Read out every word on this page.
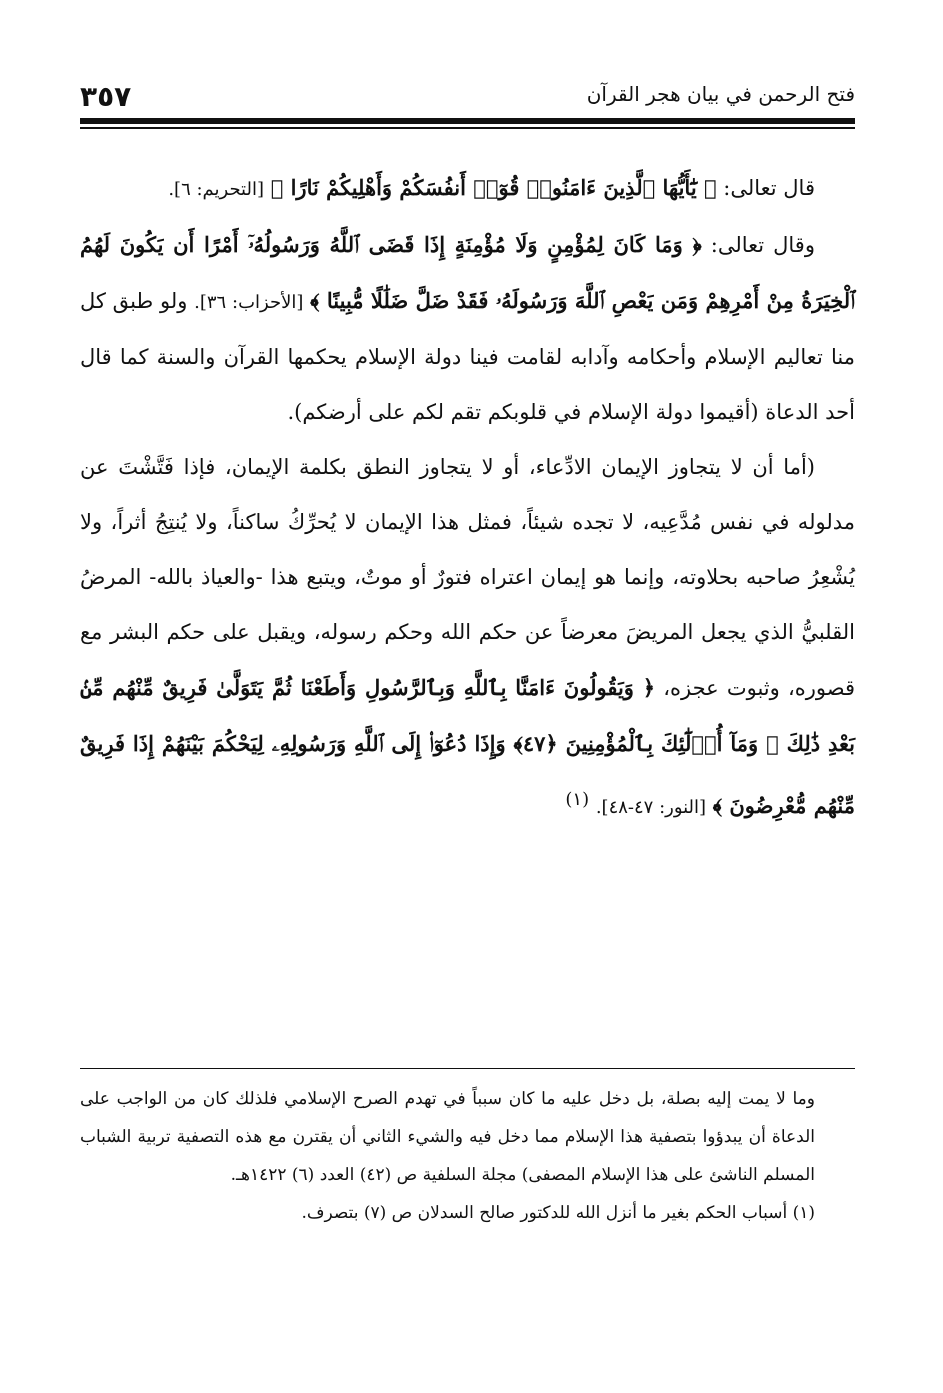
٣٥٧	فتح الرحمن في بيان هجر القرآن

قال تعالى: ﴿ يَٰٓأَيُّهَا ٱلَّذِينَ ءَامَنُوا۟ قُوٓا۟ أَنفُسَكُمْ وَأَهْلِيكُمْ نَارًا ﴾ [التحريم: ٦].

وقال تعالى: ﴿ وَمَا كَانَ لِمُؤْمِنٍ وَلَا مُؤْمِنَةٍ إِذَا قَضَى ٱللَّهُ وَرَسُولُهُۥٓ أَمْرًا أَن يَكُونَ لَهُمُ ٱلْخِيَرَةُ مِنْ أَمْرِهِمْ وَمَن يَعْصِ ٱللَّهَ وَرَسُولَهُۥ فَقَدْ ضَلَّ ضَلَٰلًا مُّبِينًا ﴾ [الأحزاب: ٣٦]. ولو طبق كل منا تعاليم الإسلام وأحكامه وآدابه لقامت فينا دولة الإسلام يحكمها القرآن والسنة كما قال أحد الدعاة (أقيموا دولة الإسلام في قلوبكم تقم لكم على أرضكم).

(أما أن لا يتجاوز الإيمان الادِّعاء، أو لا يتجاوز النطق بكلمة الإيمان، فإذا فَتَّشْتَ عن مدلوله في نفس مُدَّعِيه، لا تجده شيئاً، فمثل هذا الإيمان لا يُحرِّكُ ساكناً، ولا يُنتِجُ أثراً، ولا يُشْعِرُ صاحبه بحلاوته، وإنما هو إيمان اعتراه فتورٌ أو موتٌ، ويتبع هذا -والعياذ بالله- المرضُ القلبيُّ الذي يجعل المريضَ معرضاً عن حكم الله وحكم رسوله، ويقبل على حكم البشر مع قصوره، وثبوت عجزه، ﴿ وَيَقُولُونَ ءَامَنَّا بِٱللَّهِ وَبِٱلرَّسُولِ وَأَطَعْنَا ثُمَّ يَتَوَلَّىٰ فَرِيقٌ مِّنْهُم مِّنۢ بَعْدِ ذَٰلِكَ ۚ وَمَآ أُو۟لَٰٓئِكَ بِٱلْمُؤْمِنِينَ ﴿٤٧﴾ وَإِذَا دُعُوٓا۟ إِلَى ٱللَّهِ وَرَسُولِهِۦ لِيَحْكُمَ بَيْنَهُمْ إِذَا فَرِيقٌ مِّنْهُم مُّعْرِضُونَ ﴾ [النور: ٤٧-٤٨]. $^{(١)}$

وما لا يمت إليه بصلة، بل دخل عليه ما كان سبباً في تهدم الصرح الإسلامي فلذلك كان من الواجب على الدعاة أن يبدؤوا بتصفية هذا الإسلام مما دخل فيه والشيء الثاني أن يقترن مع هذه التصفية تربية الشباب المسلم الناشئ على هذا الإسلام المصفى) مجلة السلفية ص (٤٢) العدد (٦) ١٤٢٢هـ.

(١) أسباب الحكم بغير ما أنزل الله للدكتور صالح السدلان ص (٧) بتصرف.
